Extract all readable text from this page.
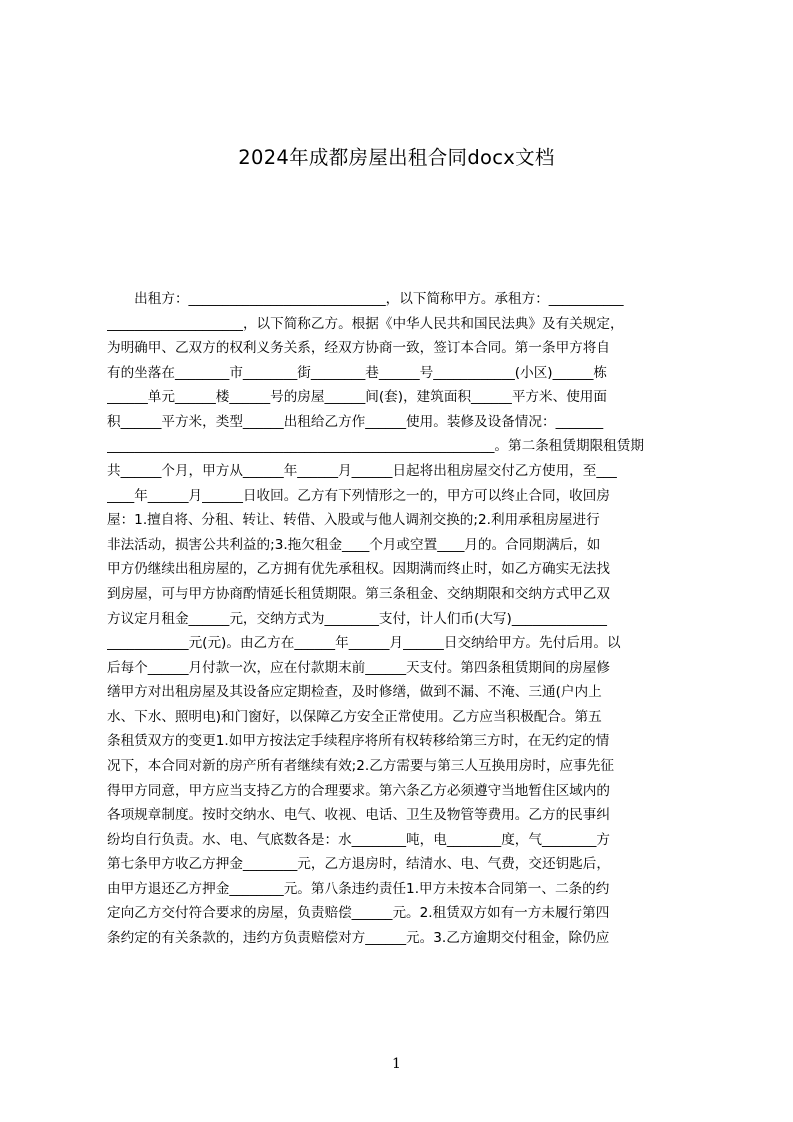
2024年成都房屋出租合同docx文档
　　出租方：_____________________________，以下简称甲方。承租方：___________
____________________，以下简称乙方。根据《中华人民共和国民法典》及有关规定，
为明确甲、乙双方的权利义务关系，经双方协商一致，签订本合同。第一条甲方将自
有的坐落在________市________街________巷______号____________(小区)______栋
______单元______楼______号的房屋______间(套)，建筑面积______平方米、使用面
积______平方米，类型______出租给乙方作______使用。装修及设备情况：_______
_________________________________________________________。第二条租赁期限租赁期
共______个月，甲方从______年______月______日起将出租房屋交付乙方使用，至___
____年______月______日收回。乙方有下列情形之一的，甲方可以终止合同，收回房
屋：1.擅自将、分租、转让、转借、入股或与他人调剂交换的;2.利用承租房屋进行
非法活动，损害公共利益的;3.拖欠租金____个月或空置____月的。合同期满后，如
甲方仍继续出租房屋的，乙方拥有优先承租权。因期满而终止时，如乙方确实无法找
到房屋，可与甲方协商酌情延长租赁期限。第三条租金、交纳期限和交纳方式甲乙双
方议定月租金______元，交纳方式为________支付，计人们币(大写)______________
____________元(元)。由乙方在______年______月______日交纳给甲方。先付后用。以
后每个______月付款一次，应在付款期末前______天支付。第四条租赁期间的房屋修
缮甲方对出租房屋及其设备应定期检查，及时修缮，做到不漏、不淹、三通(户内上
水、下水、照明电)和门窗好，以保障乙方安全正常使用。乙方应当积极配合。第五
条租赁双方的变更1.如甲方按法定手续程序将所有权转移给第三方时，在无约定的情
况下，本合同对新的房产所有者继续有效;2.乙方需要与第三人互换用房时，应事先征
得甲方同意，甲方应当支持乙方的合理要求。第六条乙方必须遵守当地暂住区域内的
各项规章制度。按时交纳水、电气、收视、电话、卫生及物管等费用。乙方的民事纠
纷均自行负责。水、电、气底数各是：水________吨，电________度，气________方
第七条甲方收乙方押金________元，乙方退房时，结清水、电、气费，交还钥匙后，
由甲方退还乙方押金________元。第八条违约责任1.甲方未按本合同第一、二条的约
定向乙方交付符合要求的房屋，负责赔偿______元。2.租赁双方如有一方未履行第四
条约定的有关条款的，违约方负责赔偿对方______元。3.乙方逾期交付租金，除仍应
1
